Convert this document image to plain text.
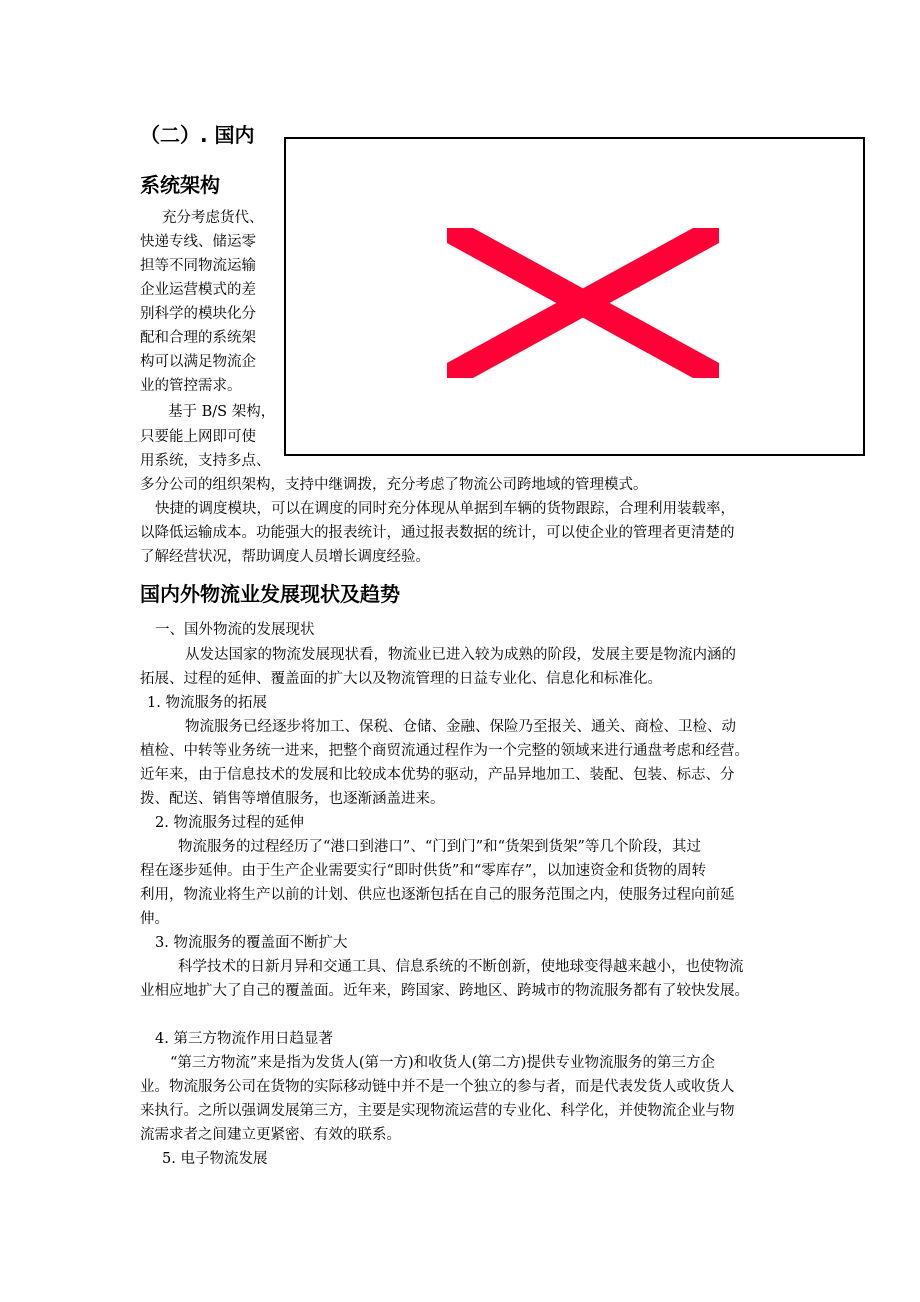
（二）. 国内
系统架构
充分考虑货代、
快递专线、储运零
担等不同物流运输
企业运营模式的差
别科学的模块化分
配和合理的系统架
构可以满足物流企
业的管控需求。
基于 B/S 架构，
只要能上网即可使
用系统，支持多点、
多分公司的组织架构，支持中继调拨，充分考虑了物流公司跨地域的管理模式。
快捷的调度模块，可以在调度的同时充分体现从单据到车辆的货物跟踪，合理利用装载率，
以降低运输成本。功能强大的报表统计，通过报表数据的统计，可以使企业的管理者更清楚的
了解经营状况，帮助调度人员增长调度经验。
国内外物流业发展现状及趋势
一、国外物流的发展现状
从发达国家的物流发展现状看，物流业已进入较为成熟的阶段，发展主要是物流内涵的
拓展、过程的延伸、覆盖面的扩大以及物流管理的日益专业化、信息化和标准化。
1. 物流服务的拓展
物流服务已经逐步将加工、保税、仓储、金融、保险乃至报关、通关、商检、卫检、动
植检、中转等业务统一进来，把整个商贸流通过程作为一个完整的领域来进行通盘考虑和经营。
近年来，由于信息技术的发展和比较成本优势的驱动，产品异地加工、装配、包装、标志、分
拨、配送、销售等增值服务，也逐渐涵盖进来。
2. 物流服务过程的延伸
物流服务的过程经历了“港口到港口”、“门到门”和“货架到货架”等几个阶段，其过
程在逐步延伸。由于生产企业需要实行“即时供货”和“零库存”，以加速资金和货物的周转
利用，物流业将生产以前的计划、供应也逐渐包括在自己的服务范围之内，使服务过程向前延
伸。
3. 物流服务的覆盖面不断扩大
科学技术的日新月异和交通工具、信息系统的不断创新，使地球变得越来越小，也使物流
业相应地扩大了自己的覆盖面。近年来，跨国家、跨地区、跨城市的物流服务都有了较快发展。
4. 第三方物流作用日趋显著
“第三方物流”来是指为发货人(第一方)和收货人(第二方)提供专业物流服务的第三方企
业。物流服务公司在货物的实际移动链中并不是一个独立的参与者，而是代表发货人或收货人
来执行。之所以强调发展第三方，主要是实现物流运营的专业化、科学化，并使物流企业与物
流需求者之间建立更紧密、有效的联系。
5. 电子物流发展
